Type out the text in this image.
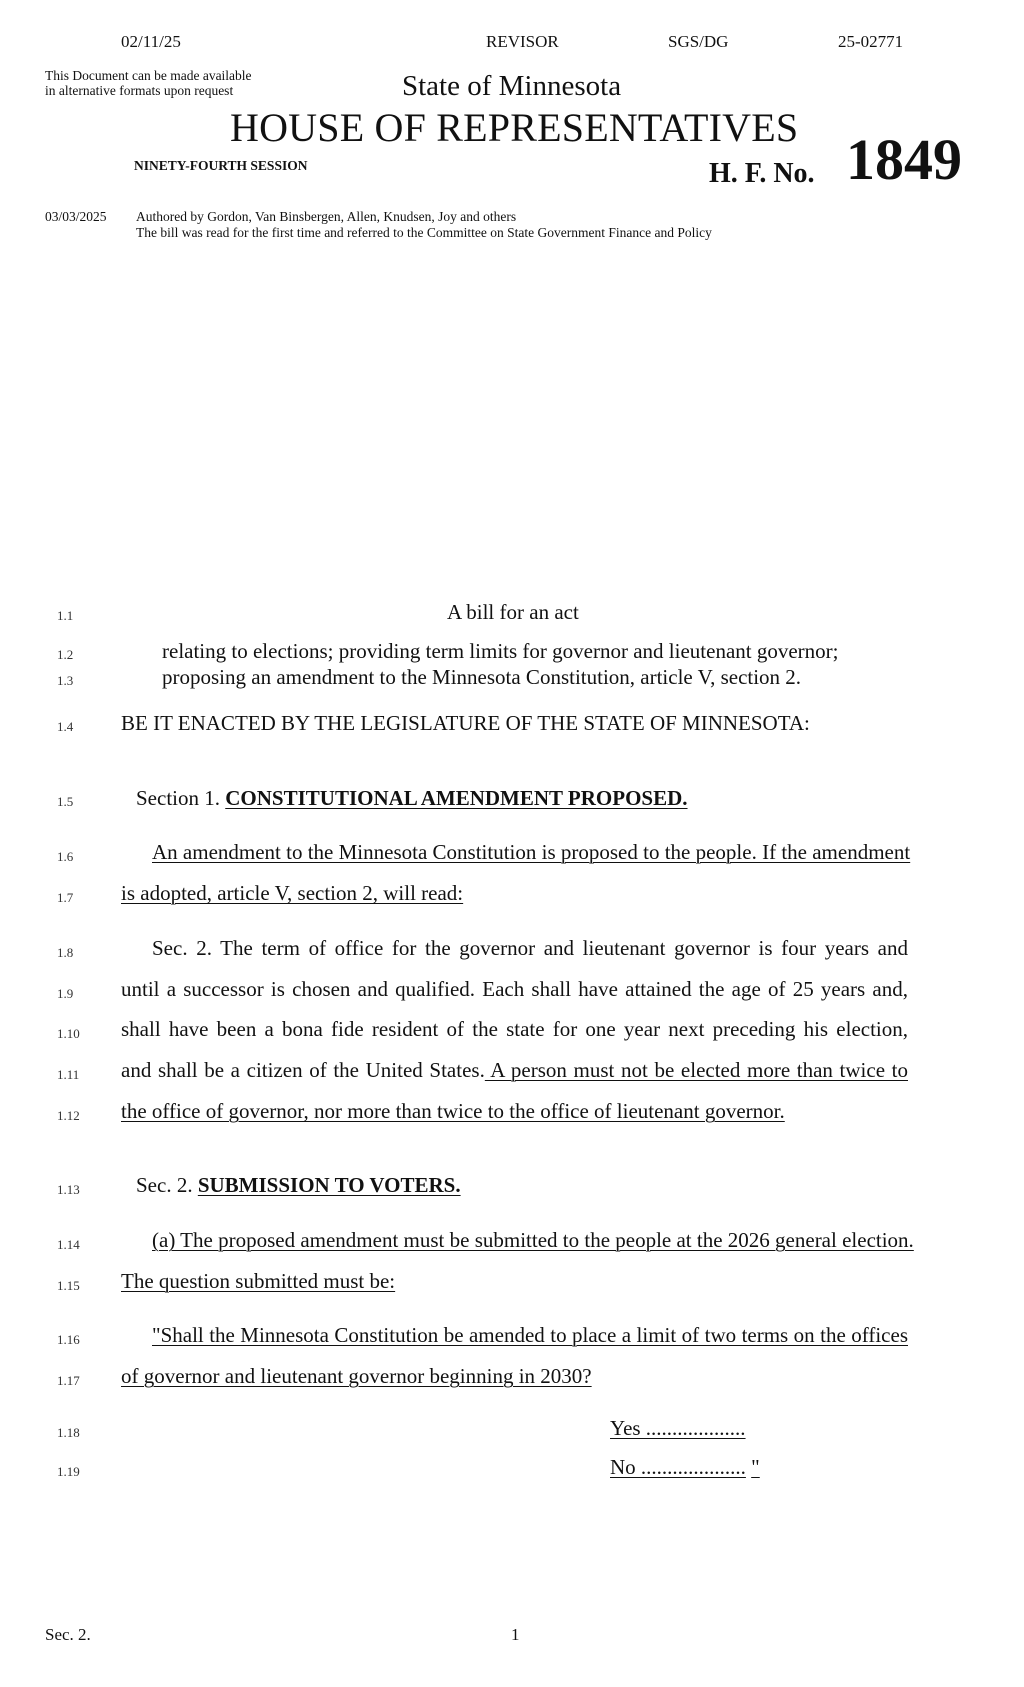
02/11/25	REVISOR	SGS/DG	25-02771
This Document can be made available
in alternative formats upon request	State of Minnesota
HOUSE OF REPRESENTATIVES
NINETY-FOURTH SESSION	H. F. No. 1849
03/03/2025 Authored by Gordon, Van Binsbergen, Allen, Knudsen, Joy and others
The bill was read for the first time and referred to the Committee on State Government Finance and Policy
1.1	A bill for an act
1.2	relating to elections; providing term limits for governor and lieutenant governor;
1.3	proposing an amendment to the Minnesota Constitution, article V, section 2.
1.4 BE IT ENACTED BY THE LEGISLATURE OF THE STATE OF MINNESOTA:
1.5	Section 1. CONSTITUTIONAL AMENDMENT PROPOSED.
1.6	An amendment to the Minnesota Constitution is proposed to the people. If the amendment
1.7 is adopted, article V, section 2, will read:
1.8	Sec. 2. The term of office for the governor and lieutenant governor is four years and
1.9 until a successor is chosen and qualified. Each shall have attained the age of 25 years and,
1.10 shall have been a bona fide resident of the state for one year next preceding his election,
1.11 and shall be a citizen of the United States. A person must not be elected more than twice to
1.12 the office of governor, nor more than twice to the office of lieutenant governor.
1.13	Sec. 2. SUBMISSION TO VOTERS.
1.14	(a) The proposed amendment must be submitted to the people at the 2026 general election.
1.15 The question submitted must be:
1.16	"Shall the Minnesota Constitution be amended to place a limit of two terms on the offices
1.17 of governor and lieutenant governor beginning in 2030?
1.18	Yes ...................
1.19	No .................... "
Sec. 2.	1
